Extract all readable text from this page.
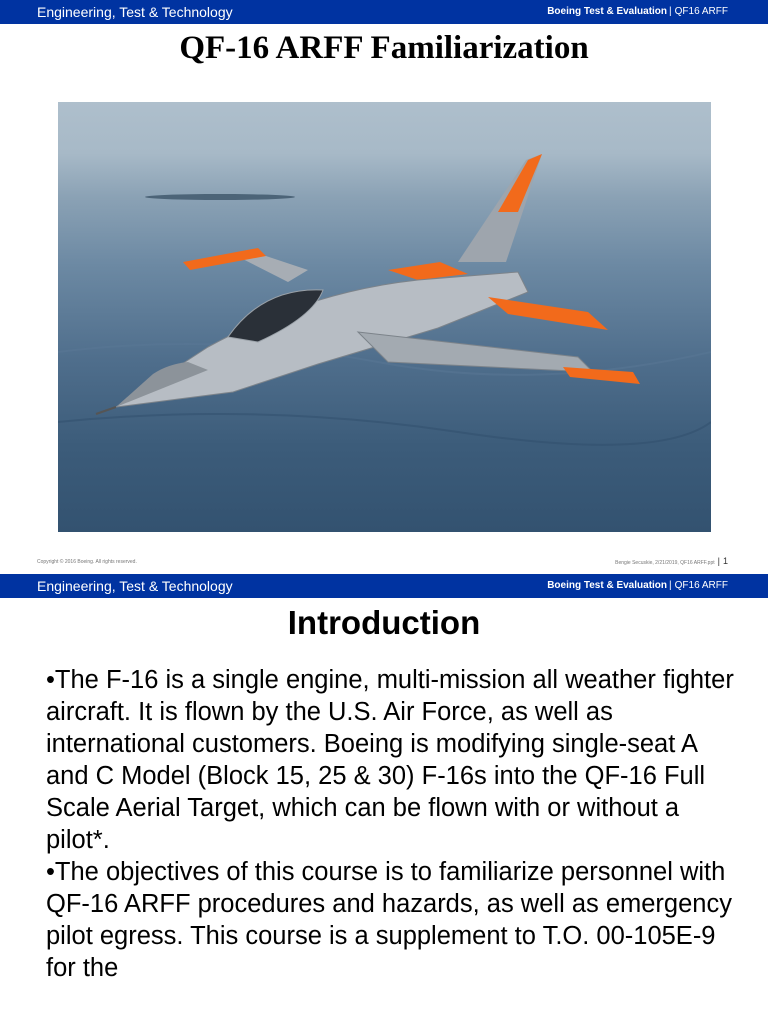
Engineering, Test & Technology	Boeing Test & Evaluation | QF16 ARFF
QF-16 ARFF Familiarization
Copyright © 2016 Boeing. All rights reserved.	Bengie Secuskie, 2/21/2019, QF16 ARFF.ppt | 1
Engineering, Test & Technology	Boeing Test & Evaluation | QF16 ARFF
Introduction

•The F-16 is a single engine, multi-mission all weather fighter aircraft. It is flown by the U.S. Air Force, as well as international customers. Boeing is modifying single-seat A and C Model (Block 15, 25 & 30) F-16s into the QF-16 Full Scale Aerial Target, which can be flown with or without a pilot*.

•The objectives of this course is to familiarize personnel with QF-16 ARFF procedures and hazards, as well as emergency pilot egress. This course is a supplement to T.O. 00-105E-9 for the
